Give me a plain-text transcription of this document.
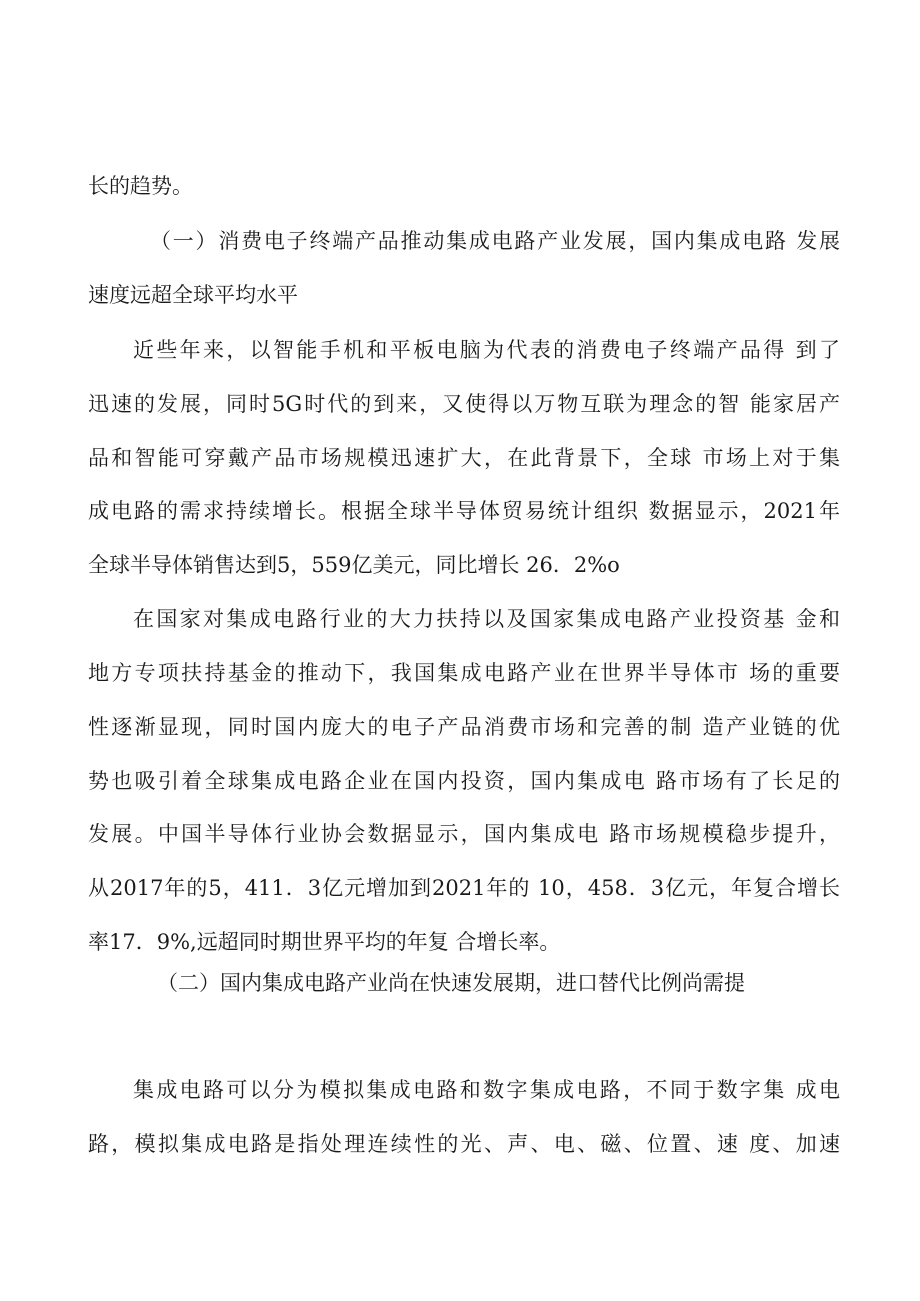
长的趋势。
（一）消费电子终端产品推动集成电路产业发展，国内集成电路 发展
速度远超全球平均水平
近些年来，以智能手机和平板电脑为代表的消费电子终端产品得 到了
迅速的发展，同时5G时代的到来，又使得以万物互联为理念的智 能家居产
品和智能可穿戴产品市场规模迅速扩大，在此背景下，全球 市场上对于集
成电路的需求持续增长。根据全球半导体贸易统计组织 数据显示，2021年
全球半导体销售达到5，559亿美元，同比增长 26．2%o
在国家对集成电路行业的大力扶持以及国家集成电路产业投资基 金和
地方专项扶持基金的推动下，我国集成电路产业在世界半导体市 场的重要
性逐渐显现，同时国内庞大的电子产品消费市场和完善的制 造产业链的优
势也吸引着全球集成电路企业在国内投资，国内集成电 路市场有了长足的
发展。中国半导体行业协会数据显示，国内集成电 路市场规模稳步提升，
从2017年的5，411．3亿元增加到2021年的 10，458．3亿元，年复合增长
率17．9%,远超同时期世界平均的年复 合增长率。
（二）国内集成电路产业尚在快速发展期，进口替代比例尚需提
集成电路可以分为模拟集成电路和数字集成电路，不同于数字集 成电
路，模拟集成电路是指处理连续性的光、声、电、磁、位置、速 度、加速
